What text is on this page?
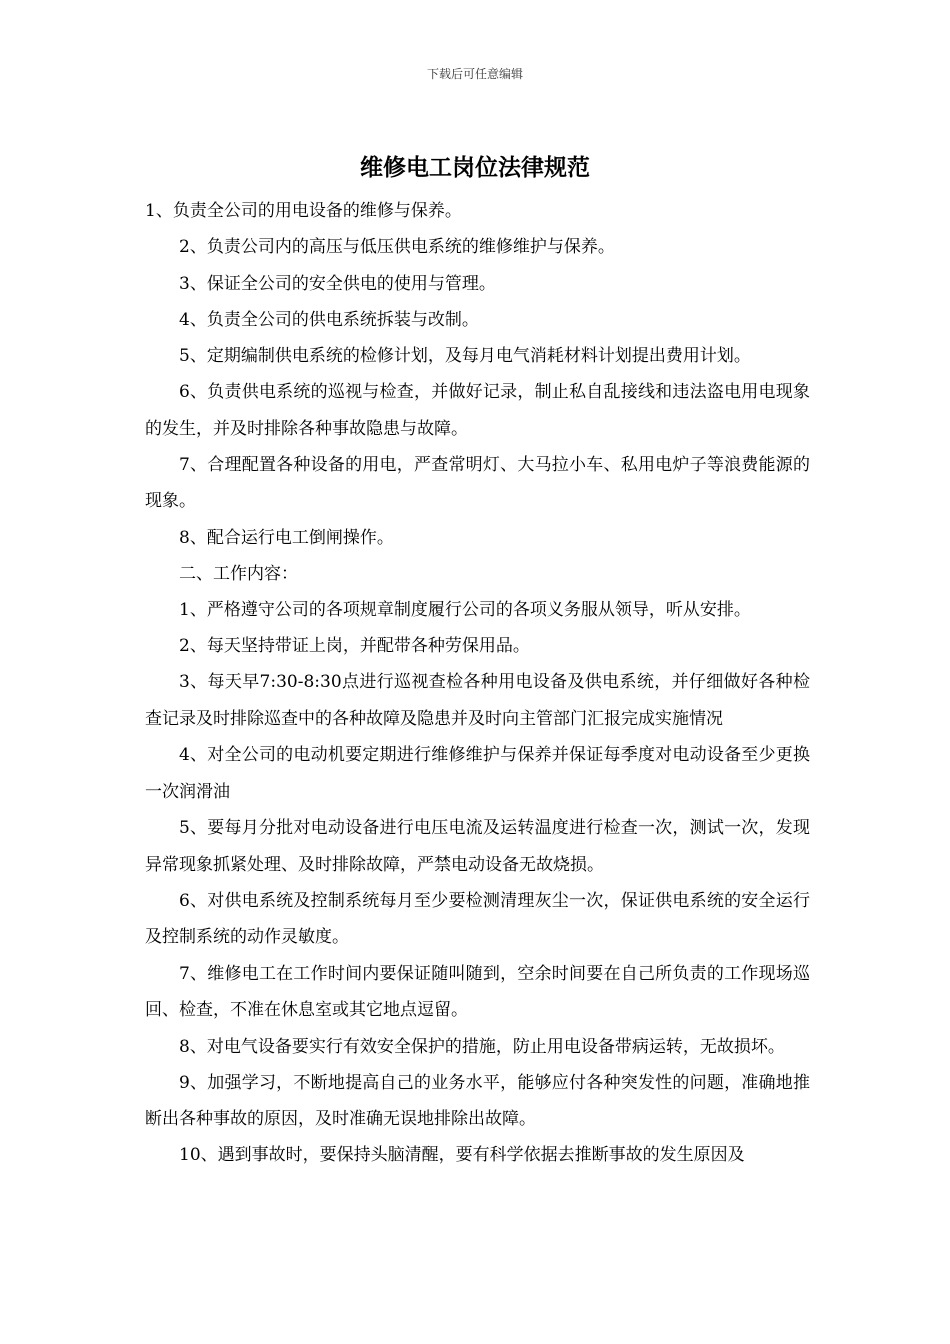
下载后可任意编辑
维修电工岗位法律规范

1、负责全公司的用电设备的维修与保养。

2、负责公司内的高压与低压供电系统的维修维护与保养。

3、保证全公司的安全供电的使用与管理。

4、负责全公司的供电系统拆装与改制。

5、定期编制供电系统的检修计划，及每月电气消耗材料计划提出费用计划。

6、负责供电系统的巡视与检查，并做好记录，制止私自乱接线和违法盗电用电现象的发生，并及时排除各种事故隐患与故障。

7、合理配置各种设备的用电，严查常明灯、大马拉小车、私用电炉子等浪费能源的现象。

8、配合运行电工倒闸操作。

二、工作内容：

1、严格遵守公司的各项规章制度履行公司的各项义务服从领导，听从安排。

2、每天坚持带证上岗，并配带各种劳保用品。

3、每天早7:30-8:30点进行巡视查检各种用电设备及供电系统，并仔细做好各种检查记录及时排除巡查中的各种故障及隐患并及时向主管部门汇报完成实施情况

4、对全公司的电动机要定期进行维修维护与保养并保证每季度对电动设备至少更换一次润滑油

5、要每月分批对电动设备进行电压电流及运转温度进行检查一次，测试一次，发现异常现象抓紧处理、及时排除故障，严禁电动设备无故烧损。

6、对供电系统及控制系统每月至少要检测清理灰尘一次，保证供电系统的安全运行及控制系统的动作灵敏度。

7、维修电工在工作时间内要保证随叫随到，空余时间要在自己所负责的工作现场巡回、检查，不准在休息室或其它地点逗留。

8、对电气设备要实行有效安全保护的措施，防止用电设备带病运转，无故损坏。

9、加强学习，不断地提高自己的业务水平，能够应付各种突发性的问题，准确地推断出各种事故的原因，及时准确无误地排除出故障。

10、遇到事故时，要保持头脑清醒，要有科学依据去推断事故的发生原因及
